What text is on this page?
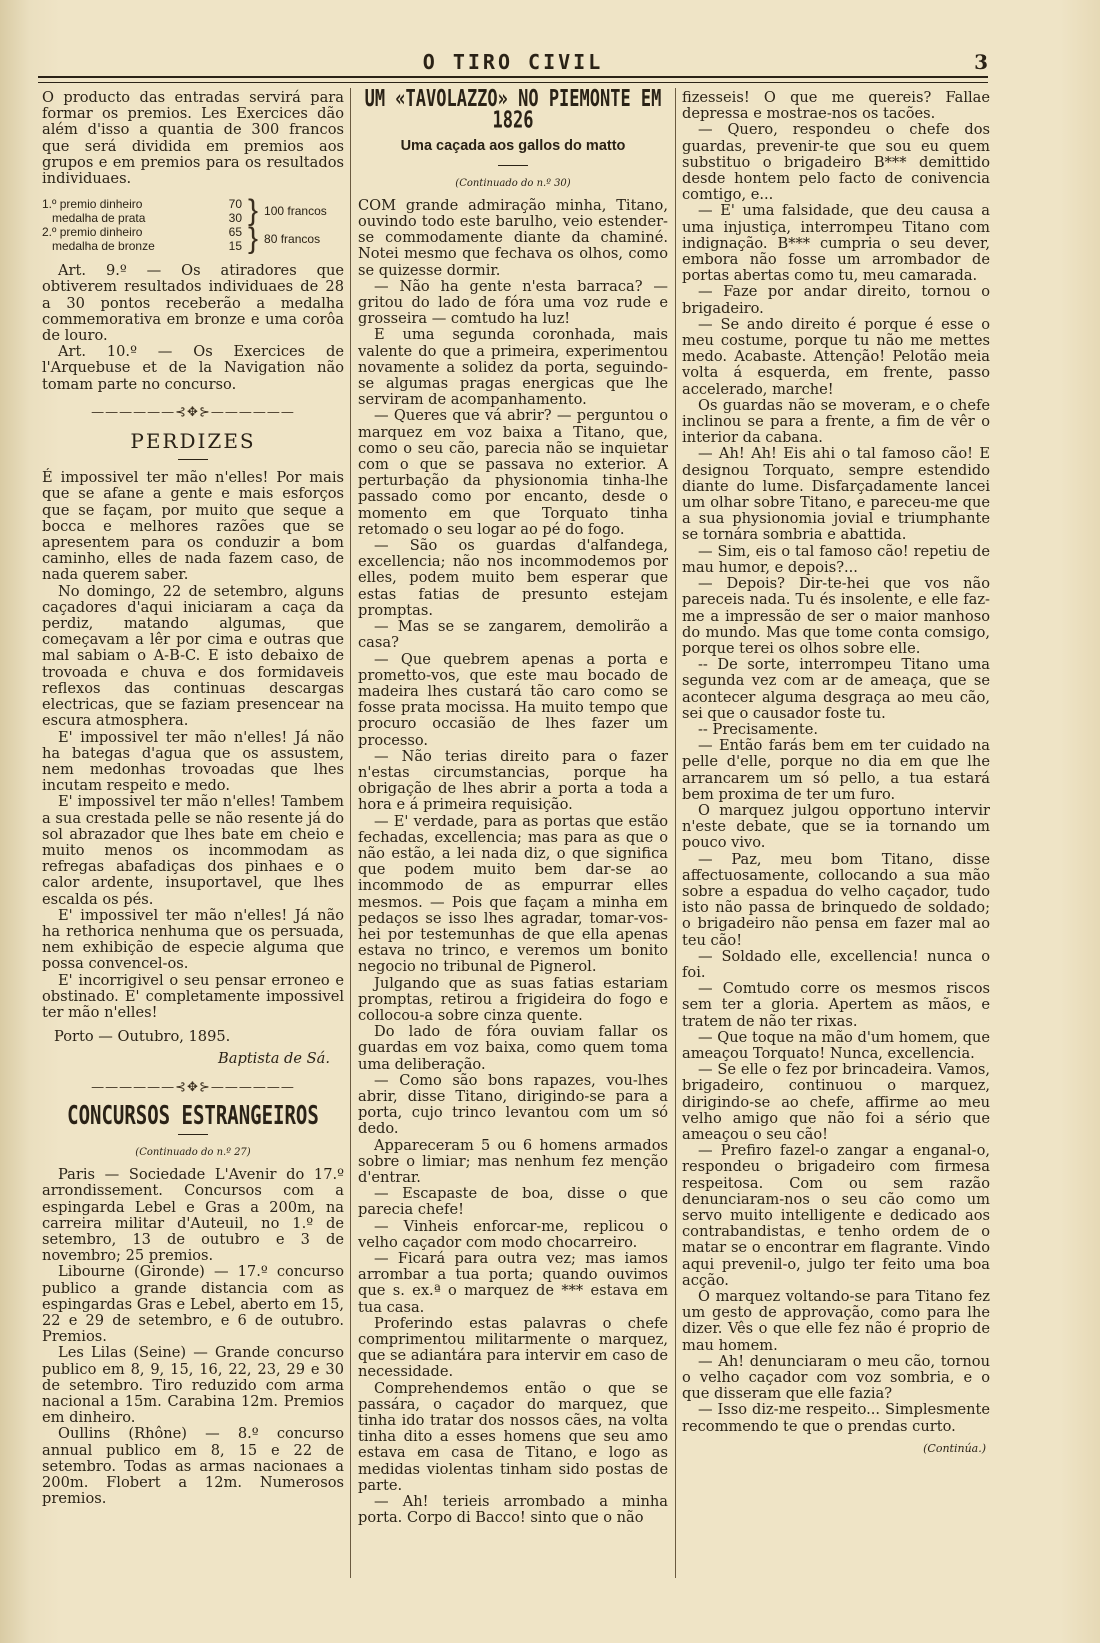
O TIRO CIVIL	3

O producto das entradas servirá para formar os premios. Les Exercices dão além d'isso a quantia de 300 francos que será dividida em premios aos grupos e em premios para os resultados individuaes.

1.º premio dinheiro	70
medalha de prata	30 } 100 francos
2.º premio dinheiro	65
medalha de bronze	15 } 80 francos

Art. 9.º — Os atiradores que obtiverem resultados individuaes de 28 a 30 pontos receberão a medalha commemorativa em bronze e uma corôa de louro.

Art. 10.º — Os Exercices de l'Arquebuse et de la Navigation não tomam parte no concurso.

——————⊰✥⊱——————
PERDIZES

É impossivel ter mão n'elles! Por mais que se afane a gente e mais esforços que se façam, por muito que seque a bocca e melhores razões que se apresentem para os conduzir a bom caminho, elles de nada fazem caso, de nada querem saber.

No domingo, 22 de setembro, alguns caçadores d'aqui iniciaram a caça da perdiz, matando algumas, que começavam a lêr por cima e outras que mal sabiam o A-B-C. E isto debaixo de trovoada e chuva e dos formidaveis reflexos das continuas descargas electricas, que se faziam presencear na escura atmosphera.

E' impossivel ter mão n'elles! Já não ha bategas d'agua que os assustem, nem medonhas trovoadas que lhes incutam respeito e medo.

E' impossivel ter mão n'elles! Tambem a sua crestada pelle se não resente já do sol abrazador que lhes bate em cheio e muito menos os incommodam as refregas abafadiças dos pinhaes e o calor ardente, insuportavel, que lhes escalda os pés.

E' impossivel ter mão n'elles! Já não ha rethorica nenhuma que os persuada, nem exhibição de especie alguma que possa convencel-os.

E' incorrigivel o seu pensar erroneo e obstinado. E' completamente impossivel ter mão n'elles!

Porto — Outubro, 1895.

Baptista de Sá.

——————⊰✥⊱——————
CONCURSOS ESTRANGEIROS
(Continuado do n.º 27)

Paris — Sociedade L'Avenir do 17.º arrondissement. Concursos com a espingarda Lebel e Gras a 200m, na carreira militar d'Auteuil, no 1.º de setembro, 13 de outubro e 3 de novembro; 25 premios.

Libourne (Gironde) — 17.º concurso publico a grande distancia com as espingardas Gras e Lebel, aberto em 15, 22 e 29 de setembro, e 6 de outubro. Premios.

Les Lilas (Seine) — Grande concurso publico em 8, 9, 15, 16, 22, 23, 29 e 30 de setembro. Tiro reduzido com arma nacional a 15m. Carabina 12m. Premios em dinheiro.

Oullins (Rhône) — 8.º concurso annual publico em 8, 15 e 22 de setembro. Todas as armas nacionaes a 200m. Flobert a 12m. Numerosos premios.

UM «TAVOLAZZO» NO PIEMONTE EM 1826
Uma caçada aos gallos do matto
(Continuado do n.º 30)

COM grande admiração minha, Titano, ouvindo todo este barulho, veio estender-se commodamente diante da chaminé. Notei mesmo que fechava os olhos, como se quizesse dormir.

— Não ha gente n'esta barraca? — gritou do lado de fóra uma voz rude e grosseira — comtudo ha luz!

E uma segunda coronhada, mais valente do que a primeira, experimentou novamente a solidez da porta, seguindo-se algumas pragas energicas que lhe serviram de acompanhamento.

— Queres que vá abrir? — perguntou o marquez em voz baixa a Titano, que, como o seu cão, parecia não se inquietar com o que se passava no exterior. A perturbação da physionomia tinha-lhe passado como por encanto, desde o momento em que Torquato tinha retomado o seu logar ao pé do fogo.

— São os guardas d'alfandega, excellencia; não nos incommodemos por elles, podem muito bem esperar que estas fatias de presunto estejam promptas.

— Mas se se zangarem, demolirão a casa?

— Que quebrem apenas a porta e prometto-vos, que este mau bocado de madeira lhes custará tão caro como se fosse prata mocissa. Ha muito tempo que procuro occasião de lhes fazer um processo.

— Não terias direito para o fazer n'estas circumstancias, porque ha obrigação de lhes abrir a porta a toda a hora e á primeira requisição.

— E' verdade, para as portas que estão fechadas, excellencia; mas para as que o não estão, a lei nada diz, o que significa que podem muito bem dar-se ao incommodo de as empurrar elles mesmos. — Pois que façam a minha em pedaços se isso lhes agradar, tomar-vos-hei por testemunhas de que ella apenas estava no trinco, e veremos um bonito negocio no tribunal de Pignerol.

Julgando que as suas fatias estariam promptas, retirou a frigideira do fogo e collocou-a sobre cinza quente.

Do lado de fóra ouviam fallar os guardas em voz baixa, como quem toma uma deliberação.

— Como são bons rapazes, vou-lhes abrir, disse Titano, dirigindo-se para a porta, cujo trinco levantou com um só dedo.

Appareceram 5 ou 6 homens armados sobre o limiar; mas nenhum fez menção d'entrar.

— Escapaste de boa, disse o que parecia chefe!

— Vinheis enforcar-me, replicou o velho caçador com modo chocarreiro.

— Ficará para outra vez; mas iamos arrombar a tua porta; quando ouvimos que s. ex.ª o marquez de *** estava em tua casa.

Proferindo estas palavras o chefe comprimentou militarmente o marquez, que se adiantára para intervir em caso de necessidade.

Comprehendemos então o que se passára, o caçador do marquez, que tinha ido tratar dos nossos cães, na volta tinha dito a esses homens que seu amo estava em casa de Titano, e logo as medidas violentas tinham sido postas de parte.

— Ah! terieis arrombado a minha porta. Corpo di Bacco! sinto que o não

fizesseis! O que me quereis? Fallae depressa e mostrae-nos os tacões.

— Quero, respondeu o chefe dos guardas, prevenir-te que sou eu quem substituo o brigadeiro B*** demittido desde hontem pelo facto de conivencia comtigo, e...

— E' uma falsidade, que deu causa a uma injustiça, interrompeu Titano com indignação. B*** cumpria o seu dever, embora não fosse um arrombador de portas abertas como tu, meu camarada.

— Faze por andar direito, tornou o brigadeiro.

— Se ando direito é porque é esse o meu costume, porque tu não me mettes medo. Acabaste. Attenção! Pelotão meia volta á esquerda, em frente, passo accelerado, marche!

Os guardas não se moveram, e o chefe inclinou se para a frente, a fim de vêr o interior da cabana.

— Ah! Ah! Eis ahi o tal famoso cão! E designou Torquato, sempre estendido diante do lume. Disfarçadamente lancei um olhar sobre Titano, e pareceu-me que a sua physionomia jovial e triumphante se tornára sombria e abattida.

— Sim, eis o tal famoso cão! repetiu de mau humor, e depois?...

— Depois? Dir-te-hei que vos não pareceis nada. Tu és insolente, e elle faz-me a impressão de ser o maior manhoso do mundo. Mas que tome conta comsigo, porque terei os olhos sobre elle.

-- De sorte, interrompeu Titano uma segunda vez com ar de ameaça, que se acontecer alguma desgraça ao meu cão, sei que o causador foste tu.

-- Precisamente.

— Então farás bem em ter cuidado na pelle d'elle, porque no dia em que lhe arrancarem um só pello, a tua estará bem proxima de ter um furo.

O marquez julgou opportuno intervir n'este debate, que se ia tornando um pouco vivo.

— Paz, meu bom Titano, disse affectuosamente, collocando a sua mão sobre a espadua do velho caçador, tudo isto não passa de brinquedo de soldado; o brigadeiro não pensa em fazer mal ao teu cão!

— Soldado elle, excellencia! nunca o foi.

— Comtudo corre os mesmos riscos sem ter a gloria. Apertem as mãos, e tratem de não ter rixas.

— Que toque na mão d'um homem, que ameaçou Torquato! Nunca, excellencia.

— Se elle o fez por brincadeira. Vamos, brigadeiro, continuou o marquez, dirigindo-se ao chefe, affirme ao meu velho amigo que não foi a sério que ameaçou o seu cão!

— Prefiro fazel-o zangar a enganal-o, respondeu o brigadeiro com firmesa respeitosa. Com ou sem razão denunciaram-nos o seu cão como um servo muito intelligente e dedicado aos contrabandistas, e tenho ordem de o matar se o encontrar em flagrante. Vindo aqui prevenil-o, julgo ter feito uma boa acção.

O marquez voltando-se para Titano fez um gesto de approvação, como para lhe dizer. Vês o que elle fez não é proprio de mau homem.

— Ah! denunciaram o meu cão, tornou o velho caçador com voz sombria, e o que disseram que elle fazia?

— Isso diz-me respeito... Simplesmente recommendo te que o prendas curto.

(Continúa.)
